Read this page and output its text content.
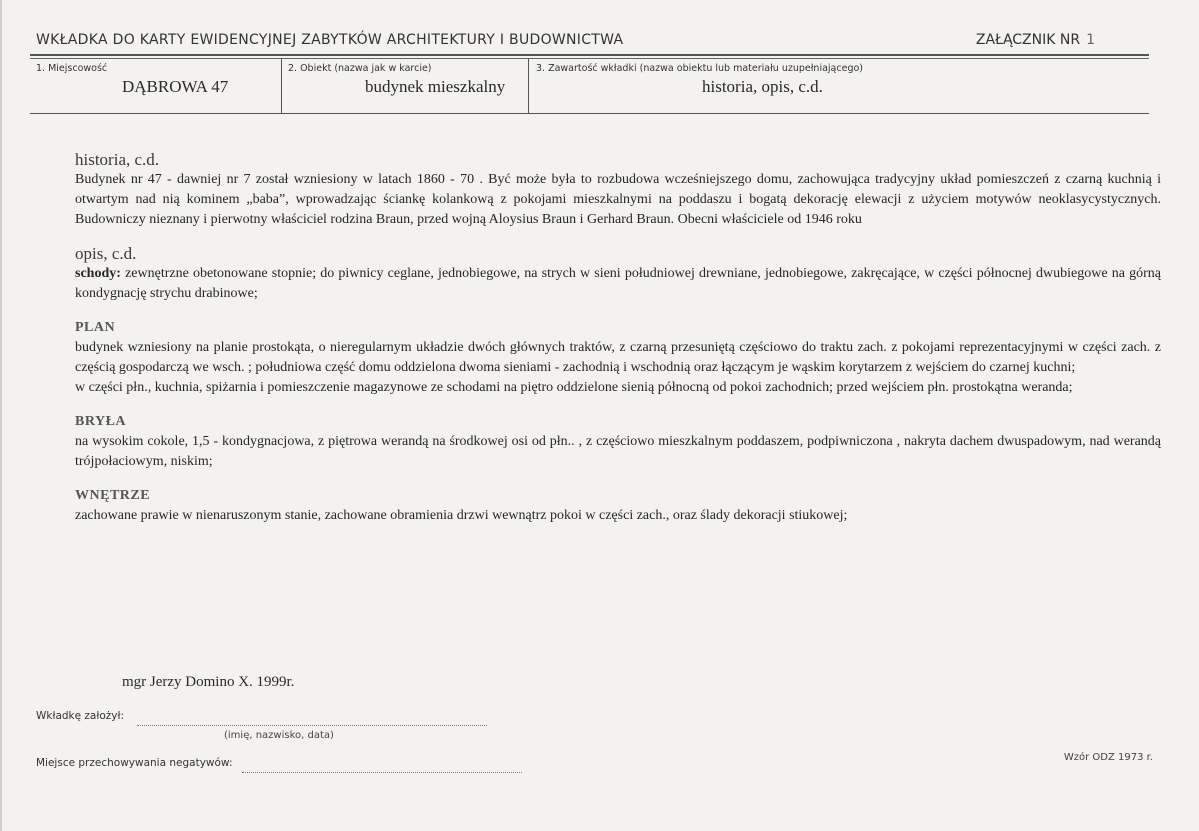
WKŁADKA DO KARTY EWIDENCYJNEJ ZABYTKÓW ARCHITEKTURY I BUDOWNICTWA	ZAŁĄCZNIK NR 1
1. Miejscowość
DĄBROWA 47
2. Obiekt (nazwa jak w karcie)
budynek mieszkalny
3. Zawartość wkładki (nazwa obiektu lub materiału uzupełniającego)
historia, opis, c.d.
historia, c.d.

Budynek nr 47 - dawniej nr 7 został wzniesiony w latach 1860 - 70 . Być może była to rozbudowa wcześniejszego domu, zachowująca tradycyjny układ pomieszczeń z czarną kuchnią i otwartym nad nią kominem „baba”, wprowadzając ściankę kolankową z pokojami mieszkalnymi na poddaszu i bogatą dekorację elewacji z użyciem motywów neoklasycystycznych. Budowniczy nieznany i pierwotny właściciel rodzina Braun, przed wojną Aloysius Braun i Gerhard Braun. Obecni właściciele od 1946 roku

opis, c.d.

schody: zewnętrzne obetonowane stopnie; do piwnicy ceglane, jednobiegowe, na strych w sieni południowej drewniane, jednobiegowe, zakręcające, w części północnej dwubiegowe na górną kondygnację strychu drabinowe;

PLAN

budynek wzniesiony na planie prostokąta, o nieregularnym układzie dwóch głównych traktów, z czarną przesuniętą częściowo do traktu zach. z pokojami reprezentacyjnymi w części zach. z częścią gospodarczą we wsch. ; południowa część domu oddzielona dwoma sieniami - zachodnią i wschodnią oraz łączącym je wąskim korytarzem z wejściem do czarnej kuchni;

w części płn., kuchnia, spiżarnia i pomieszczenie magazynowe ze schodami na piętro oddzielone sienią północną od pokoi zachodnich; przed wejściem płn. prostokątna weranda;

BRYŁA

na wysokim cokole, 1,5 - kondygnacjowa, z piętrowa werandą na środkowej osi od płn.. , z częściowo mieszkalnym poddaszem, podpiwniczona , nakryta dachem dwuspadowym, nad werandą trójpołaciowym, niskim;

WNĘTRZE

zachowane prawie w nienaruszonym stanie, zachowane obramienia drzwi wewnątrz pokoi w części zach., oraz ślady dekoracji stiukowej;

mgr Jerzy Domino X. 1999r.
Wkładkę założył:
(imię, nazwisko, data)
Miejsce przechowywania negatywów:	Wzór ODZ 1973 r.
